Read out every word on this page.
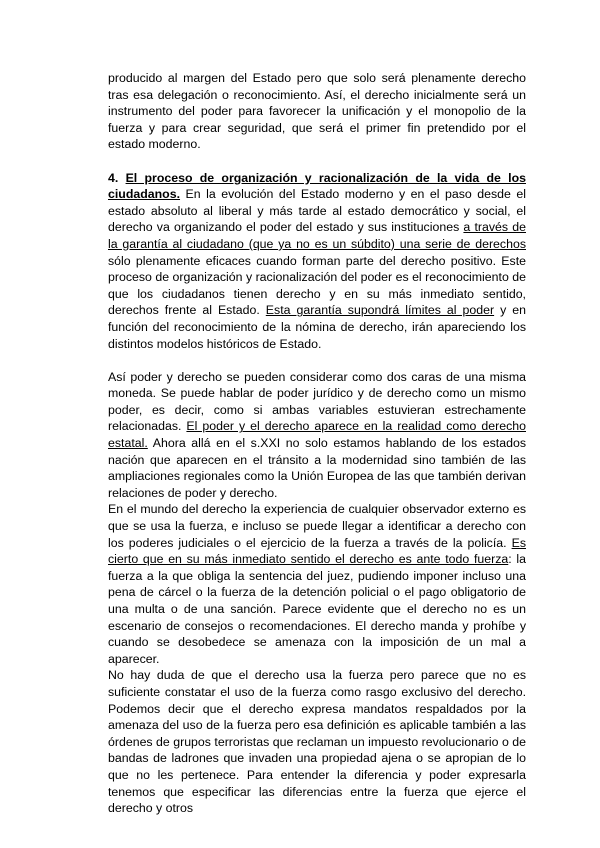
producido al margen del Estado pero que solo será plenamente derecho tras esa delegación o reconocimiento. Así, el derecho inicialmente será un instrumento del poder para favorecer la unificación y el monopolio de la fuerza y para crear seguridad, que será el primer fin pretendido por el estado moderno.

4. El proceso de organización y racionalización de la vida de los ciudadanos. En la evolución del Estado moderno y en el paso desde el estado absoluto al liberal y más tarde al estado democrático y social, el derecho va organizando el poder del estado y sus instituciones a través de la garantía al ciudadano (que ya no es un súbdito) una serie de derechos sólo plenamente eficaces cuando forman parte del derecho positivo. Este proceso de organización y racionalización del poder es el reconocimiento de que los ciudadanos tienen derecho y en su más inmediato sentido, derechos frente al Estado. Esta garantía supondrá límites al poder y en función del reconocimiento de la nómina de derecho, irán apareciendo los distintos modelos históricos de Estado.

Así poder y derecho se pueden considerar como dos caras de una misma moneda. Se puede hablar de poder jurídico y de derecho como un mismo poder, es decir, como si ambas variables estuvieran estrechamente relacionadas. El poder y el derecho aparece en la realidad como derecho estatal. Ahora allá en el s.XXI no solo estamos hablando de los estados nación que aparecen en el tránsito a la modernidad sino también de las ampliaciones regionales como la Unión Europea de las que también derivan relaciones de poder y derecho.

En el mundo del derecho la experiencia de cualquier observador externo es que se usa la fuerza, e incluso se puede llegar a identificar a derecho con los poderes judiciales o el ejercicio de la fuerza a través de la policía. Es cierto que en su más inmediato sentido el derecho es ante todo fuerza: la fuerza a la que obliga la sentencia del juez, pudiendo imponer incluso una pena de cárcel o la fuerza de la detención policial o el pago obligatorio de una multa o de una sanción. Parece evidente que el derecho no es un escenario de consejos o recomendaciones. El derecho manda y prohíbe y cuando se desobedece se amenaza con la imposición de un mal a aparecer.

No hay duda de que el derecho usa la fuerza pero parece que no es suficiente constatar el uso de la fuerza como rasgo exclusivo del derecho. Podemos decir que el derecho expresa mandatos respaldados por la amenaza del uso de la fuerza pero esa definición es aplicable también a las órdenes de grupos terroristas que reclaman un impuesto revolucionario o de bandas de ladrones que invaden una propiedad ajena o se apropian de lo que no les pertenece. Para entender la diferencia y poder expresarla tenemos que especificar las diferencias entre la fuerza que ejerce el derecho y otros
